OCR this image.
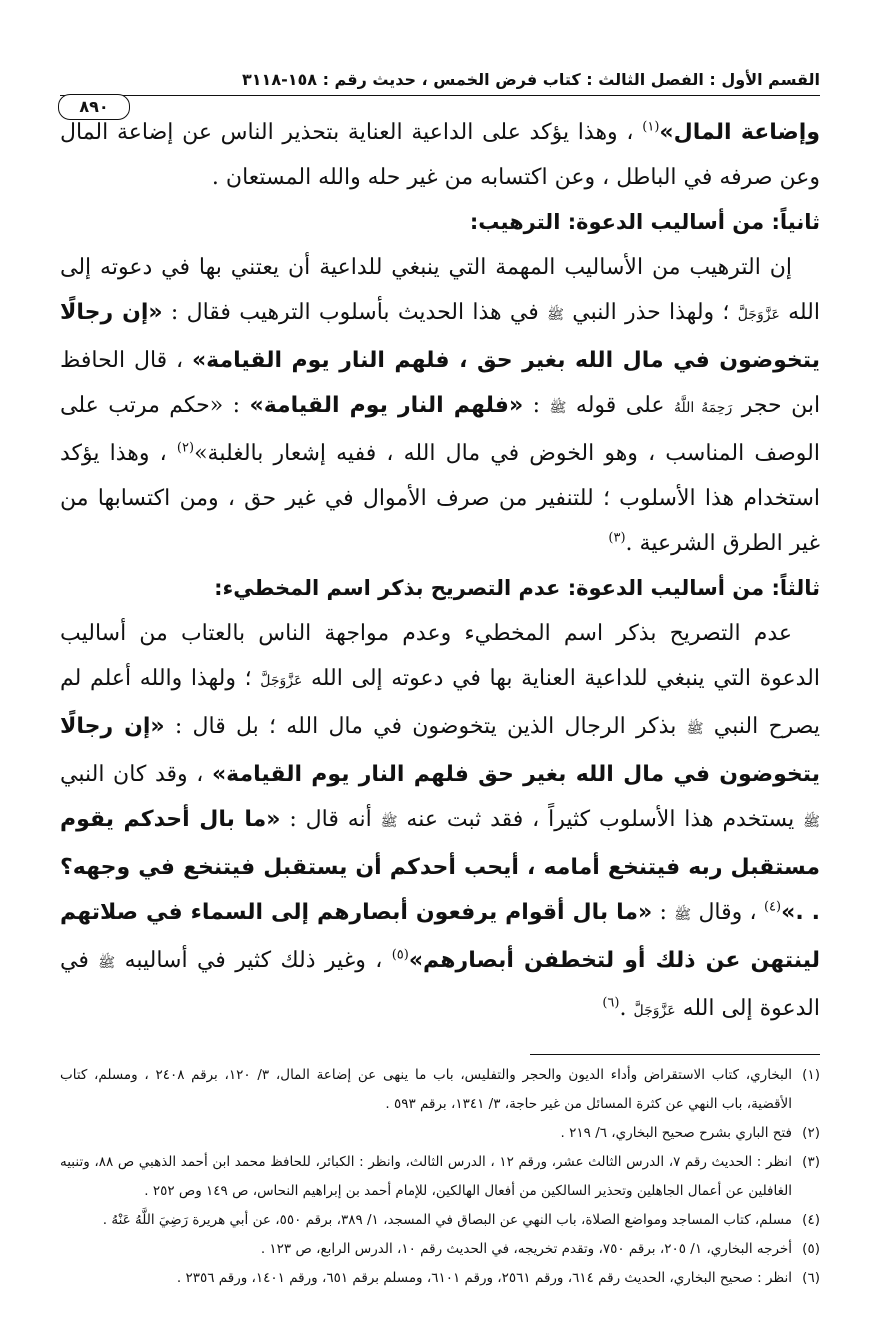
القسم الأول : الفصل الثالث : كتاب فرض الخمس ، حديث رقم : ١٥٨-٣١١٨
٨٩٠

وإضاعة المال»$^{(١)}$ ، وهذا يؤكد على الداعية العناية بتحذير الناس عن إضاعة المال وعن صرفه في الباطل ، وعن اكتسابه من غير حله والله المستعان .

ثانياً: من أساليب الدعوة: الترهيب:

إن الترهيب من الأساليب المهمة التي ينبغي للداعية أن يعتني بها في دعوته إلى الله عَزَّوَجَلَّ ؛ ولهذا حذر النبي ﷺ في هذا الحديث بأسلوب الترهيب فقال : «إن رجالًا يتخوضون في مال الله بغير حق ، فلهم النار يوم القيامة» ، قال الحافظ ابن حجر رَحِمَهُ اللَّهُ على قوله ﷺ : «فلهم النار يوم القيامة» : «حكم مرتب على الوصف المناسب ، وهو الخوض في مال الله ، ففيه إشعار بالغلبة»$^{(٢)}$ ، وهذا يؤكد استخدام هذا الأسلوب ؛ للتنفير من صرف الأموال في غير حق ، ومن اكتسابها من غير الطرق الشرعية .$^{(٣)}$

ثالثاً: من أساليب الدعوة: عدم التصريح بذكر اسم المخطيء:

عدم التصريح بذكر اسم المخطيء وعدم مواجهة الناس بالعتاب من أساليب الدعوة التي ينبغي للداعية العناية بها في دعوته إلى الله عَزَّوَجَلَّ ؛ ولهذا والله أعلم لم يصرح النبي ﷺ بذكر الرجال الذين يتخوضون في مال الله ؛ بل قال : «إن رجالًا يتخوضون في مال الله بغير حق فلهم النار يوم القيامة» ، وقد كان النبي ﷺ يستخدم هذا الأسلوب كثيراً ، فقد ثبت عنه ﷺ أنه قال : «ما بال أحدكم يقوم مستقبل ربه فيتنخع أمامه ، أيحب أحدكم أن يستقبل فيتنخع في وجهه؟ . .»$^{(٤)}$ ، وقال ﷺ : «ما بال أقوام يرفعون أبصارهم إلى السماء في صلاتهم لينتهن عن ذلك أو لتخطفن أبصارهم»$^{(٥)}$ ، وغير ذلك كثير في أساليبه ﷺ في الدعوة إلى الله عَزَّوَجَلَّ .$^{(٦)}$

(١)
البخاري، كتاب الاستقراض وأداء الديون والحجر والتفليس، باب ما ينهى عن إضاعة المال، ٣/ ١٢٠، برقم ٢٤٠٨ ، ومسلم، كتاب الأقضية، باب النهي عن كثرة المسائل من غير حاجة، ٣/ ١٣٤١، برقم ٥٩٣ .
(٢)
فتح الباري بشرح صحيح البخاري، ٦/ ٢١٩ .
(٣)
انظر : الحديث رقم ٧، الدرس الثالث عشر، ورقم ١٢ ، الدرس الثالث، وانظر : الكبائر، للحافظ محمد ابن أحمد الذهبي ص ٨٨، وتنبيه الغافلين عن أعمال الجاهلين وتحذير السالكين من أفعال الهالكين، للإمام أحمد بن إبراهيم النحاس، ص ١٤٩ وص ٢٥٢ .
(٤)
مسلم، كتاب المساجد ومواضع الصلاة، باب النهي عن البصاق في المسجد، ١/ ٣٨٩، برقم ٥٥٠، عن أبي هريرة رَضِيَ اللَّهُ عَنْهُ .
(٥)
أخرجه البخاري، ١/ ٢٠٥، برقم ٧٥٠، وتقدم تخريجه، في الحديث رقم ١٠، الدرس الرابع، ص ١٢٣ .
(٦)
انظر : صحيح البخاري، الحديث رقم ٦١٤، ورقم ٢٥٦١، ورقم ٦١٠١، ومسلم برقم ٦٥١، ورقم ١٤٠١، ورقم ٢٣٥٦ .
